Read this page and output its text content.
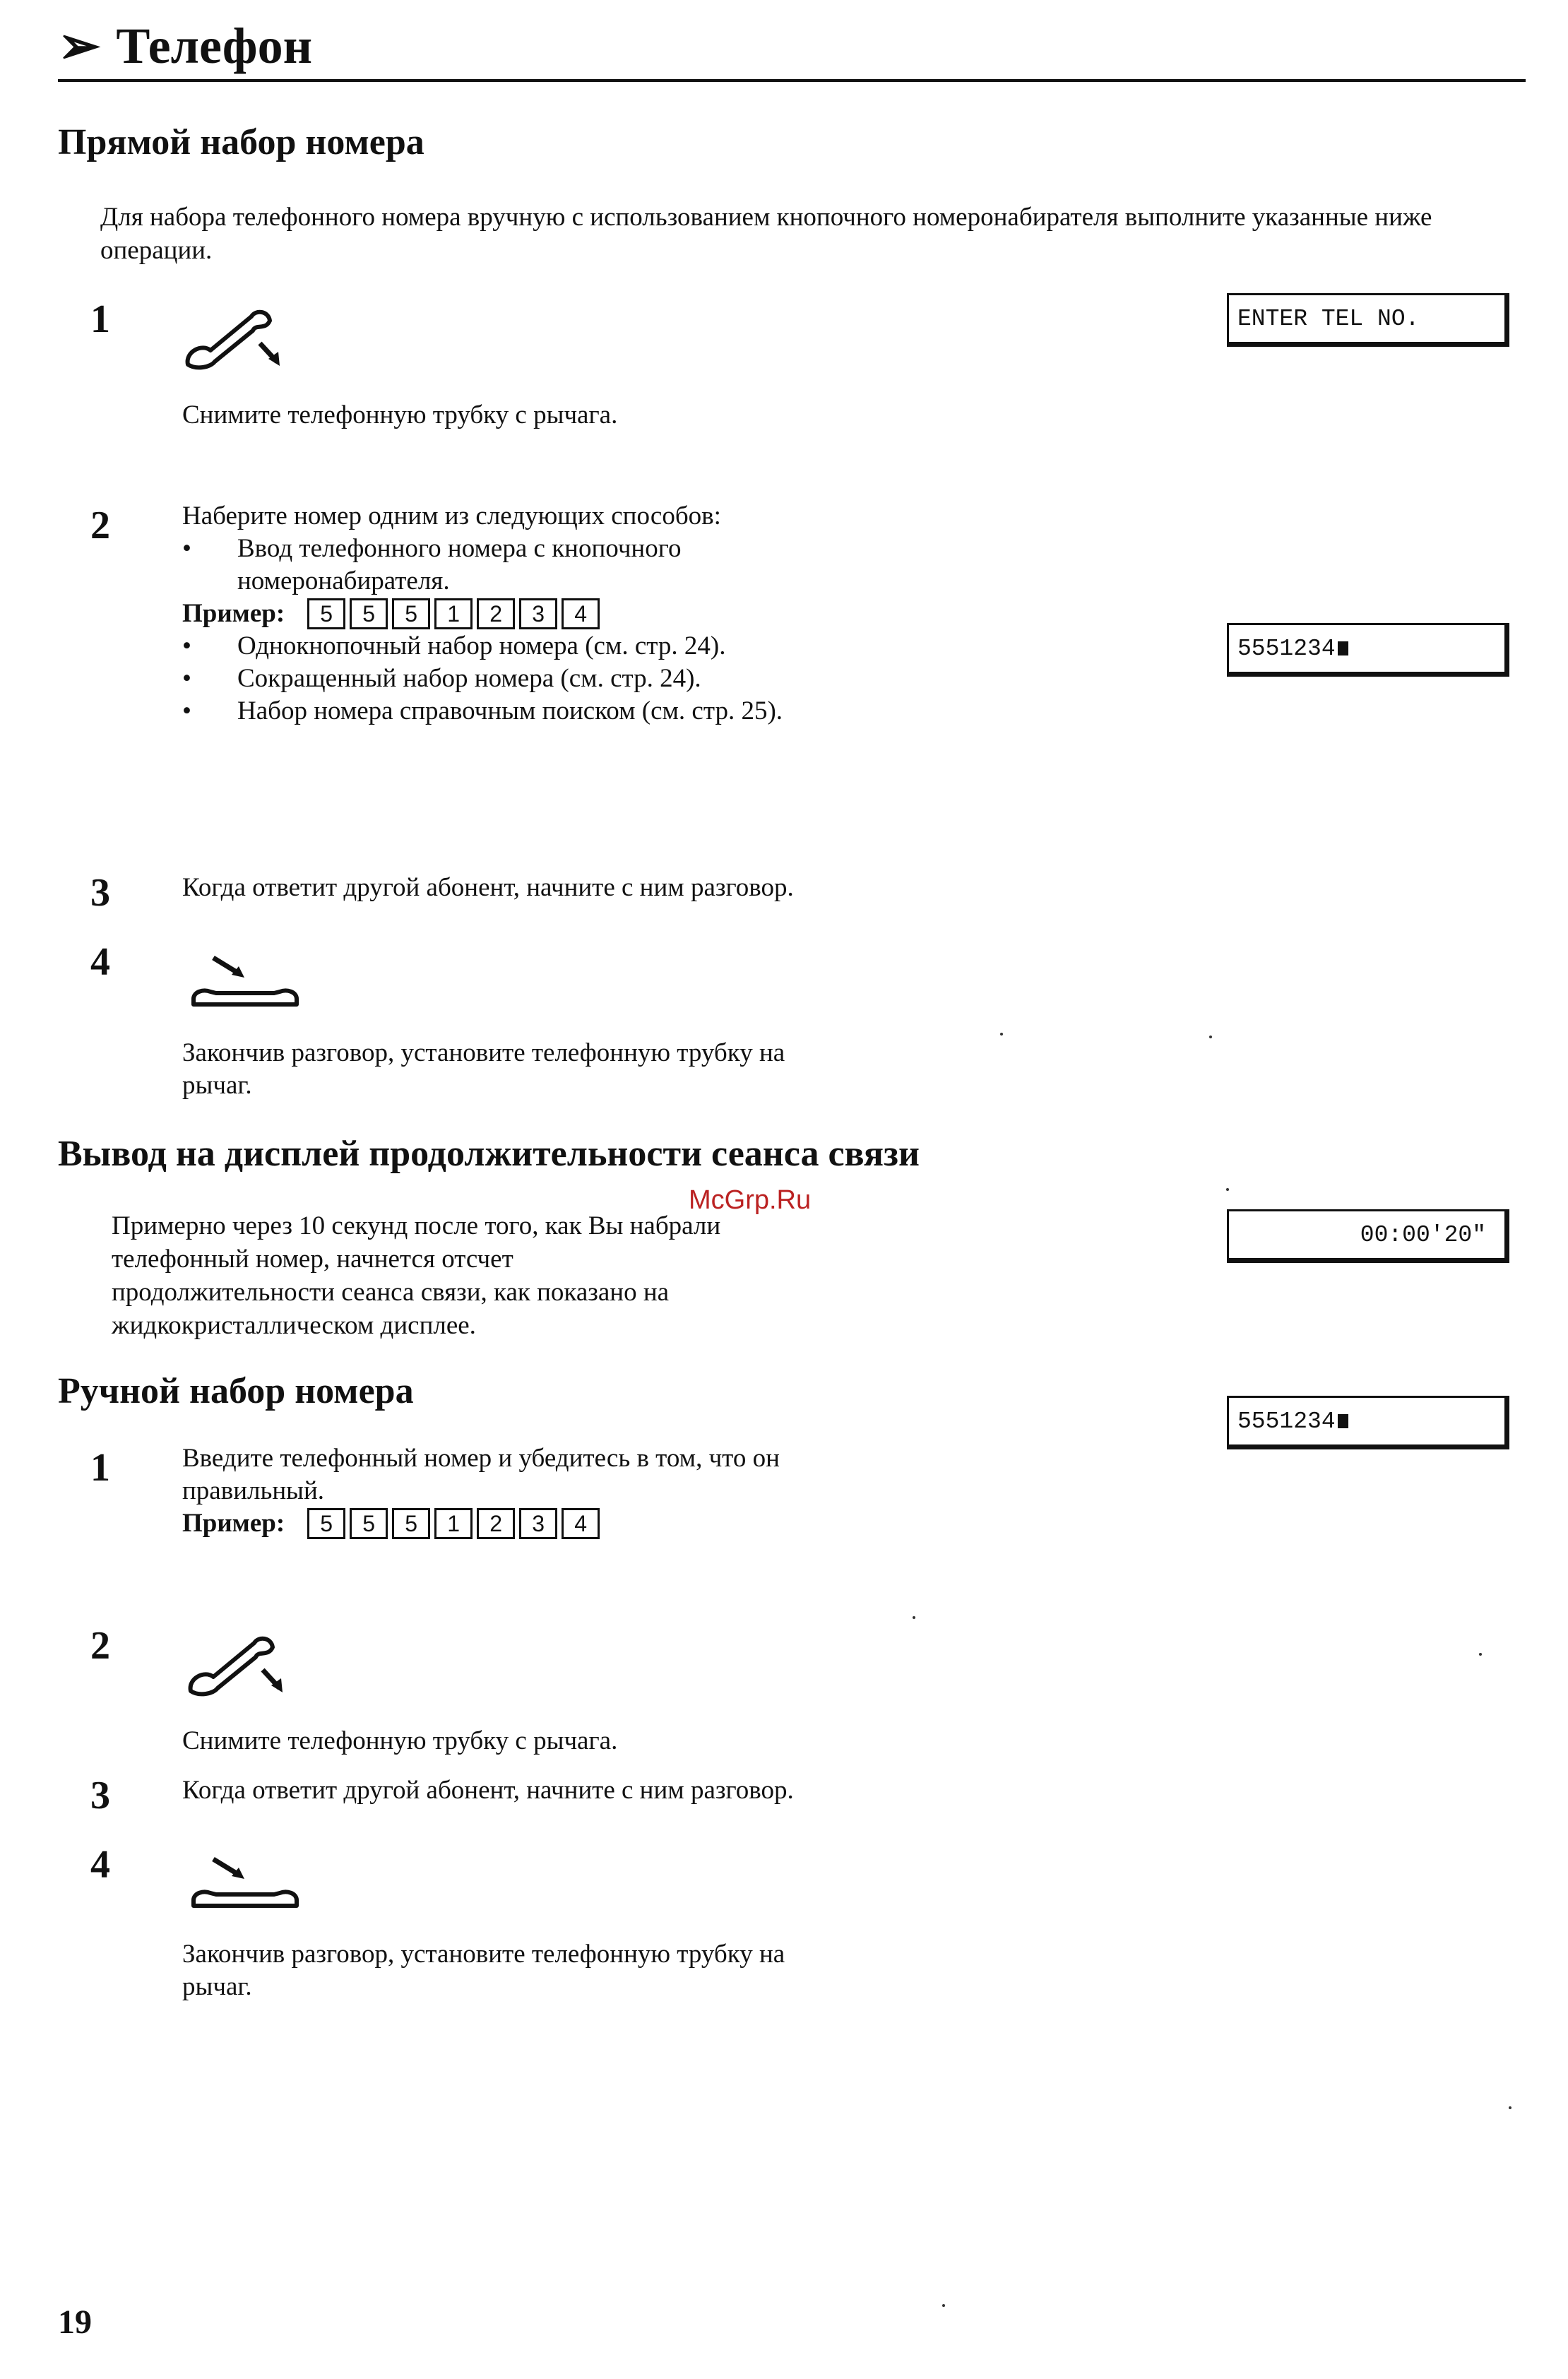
➢ Телефон
Прямой набор номера
Для набора телефонного номера вручную с использованием кнопочного номеронабирателя выполните указанные ниже операции.
1
Снимите телефонную трубку с рычага.
ENTER TEL NO.
2	Наберите номер одним из следующих способов:
• Ввод телефонного номера с кнопочного номеронабирателя.
Пример:	5	5	5	1	2	3	4
• Однокнопочный набор номера (см. стр. 24).
• Сокращенный набор номера (см. стр. 24).
• Набор номера справочным поиском (см. стр. 25).
5551234
3	Когда ответит другой абонент, начните с ним разговор.
4
Закончив разговор, установите телефонную трубку на рычаг.
Вывод на дисплей продолжительности сеанса связи
McGrp.Ru
Примерно через 10 секунд после того, как Вы набрали телефонный номер, начнется отсчет продолжительности сеанса связи, как показано на жидкокристаллическом дисплее.
00:00'20"
Ручной набор номера
5551234
1	Введите телефонный номер и убедитесь в том, что он правильный.
Пример:	5	5	5	1	2	3	4
2
Снимите телефонную трубку с рычага.
3	Когда ответит другой абонент, начните с ним разговор.
4
Закончив разговор, установите телефонную трубку на рычаг.
19
